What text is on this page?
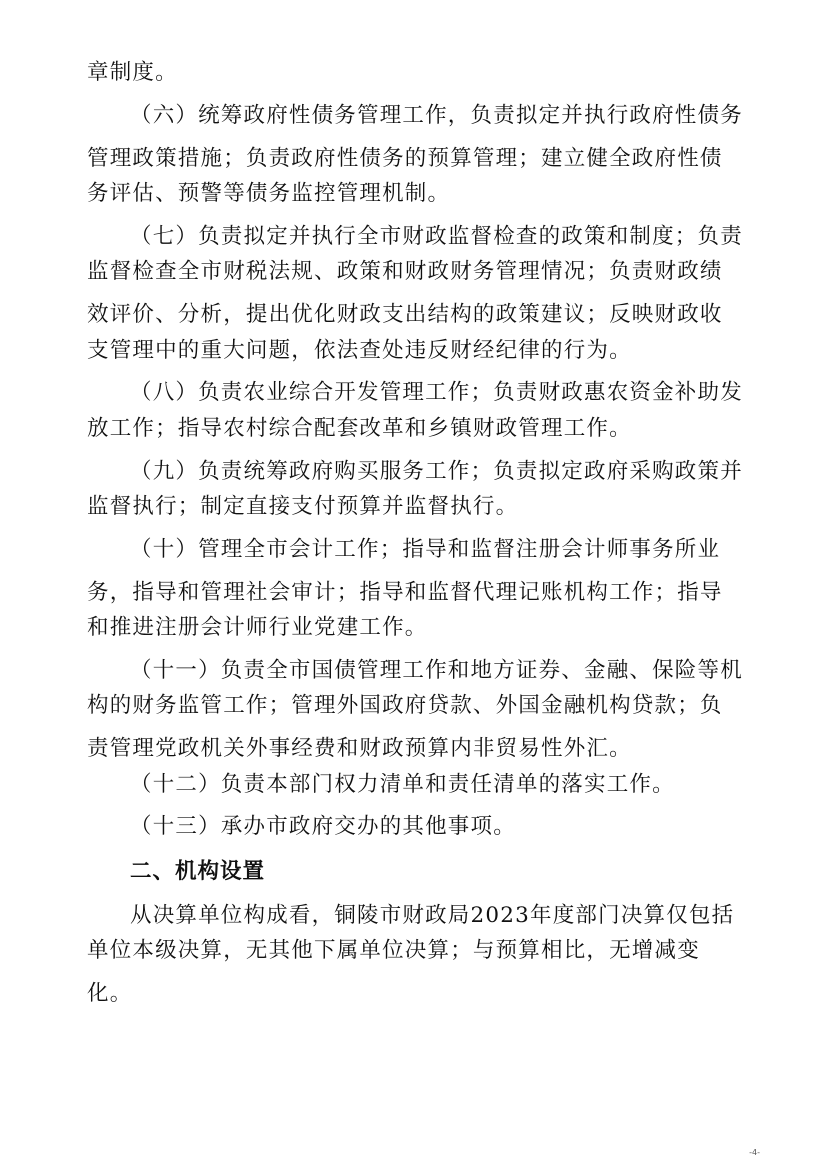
章制度。
（六）统筹政府性债务管理工作，负责拟定并执行政府性债务
管理政策措施；负责政府性债务的预算管理；建立健全政府性债
务评估、预警等债务监控管理机制。
（七）负责拟定并执行全市财政监督检查的政策和制度；负责
监督检查全市财税法规、政策和财政财务管理情况；负责财政绩
效评价、分析，提出优化财政支出结构的政策建议；反映财政收
支管理中的重大问题，依法查处违反财经纪律的行为。
（八）负责农业综合开发管理工作；负责财政惠农资金补助发
放工作；指导农村综合配套改革和乡镇财政管理工作。
（九）负责统筹政府购买服务工作；负责拟定政府采购政策并
监督执行；制定直接支付预算并监督执行。
（十）管理全市会计工作；指导和监督注册会计师事务所业
务，指导和管理社会审计；指导和监督代理记账机构工作；指导
和推进注册会计师行业党建工作。
（十一）负责全市国债管理工作和地方证券、金融、保险等机
构的财务监管工作；管理外国政府贷款、外国金融机构贷款；负
责管理党政机关外事经费和财政预算内非贸易性外汇。
（十二）负责本部门权力清单和责任清单的落实工作。
（十三）承办市政府交办的其他事项。
二、机构设置
从决算单位构成看，铜陵市财政局2023年度部门决算仅包括
单位本级决算，无其他下属单位决算；与预算相比，无增减变
化。
-4-
